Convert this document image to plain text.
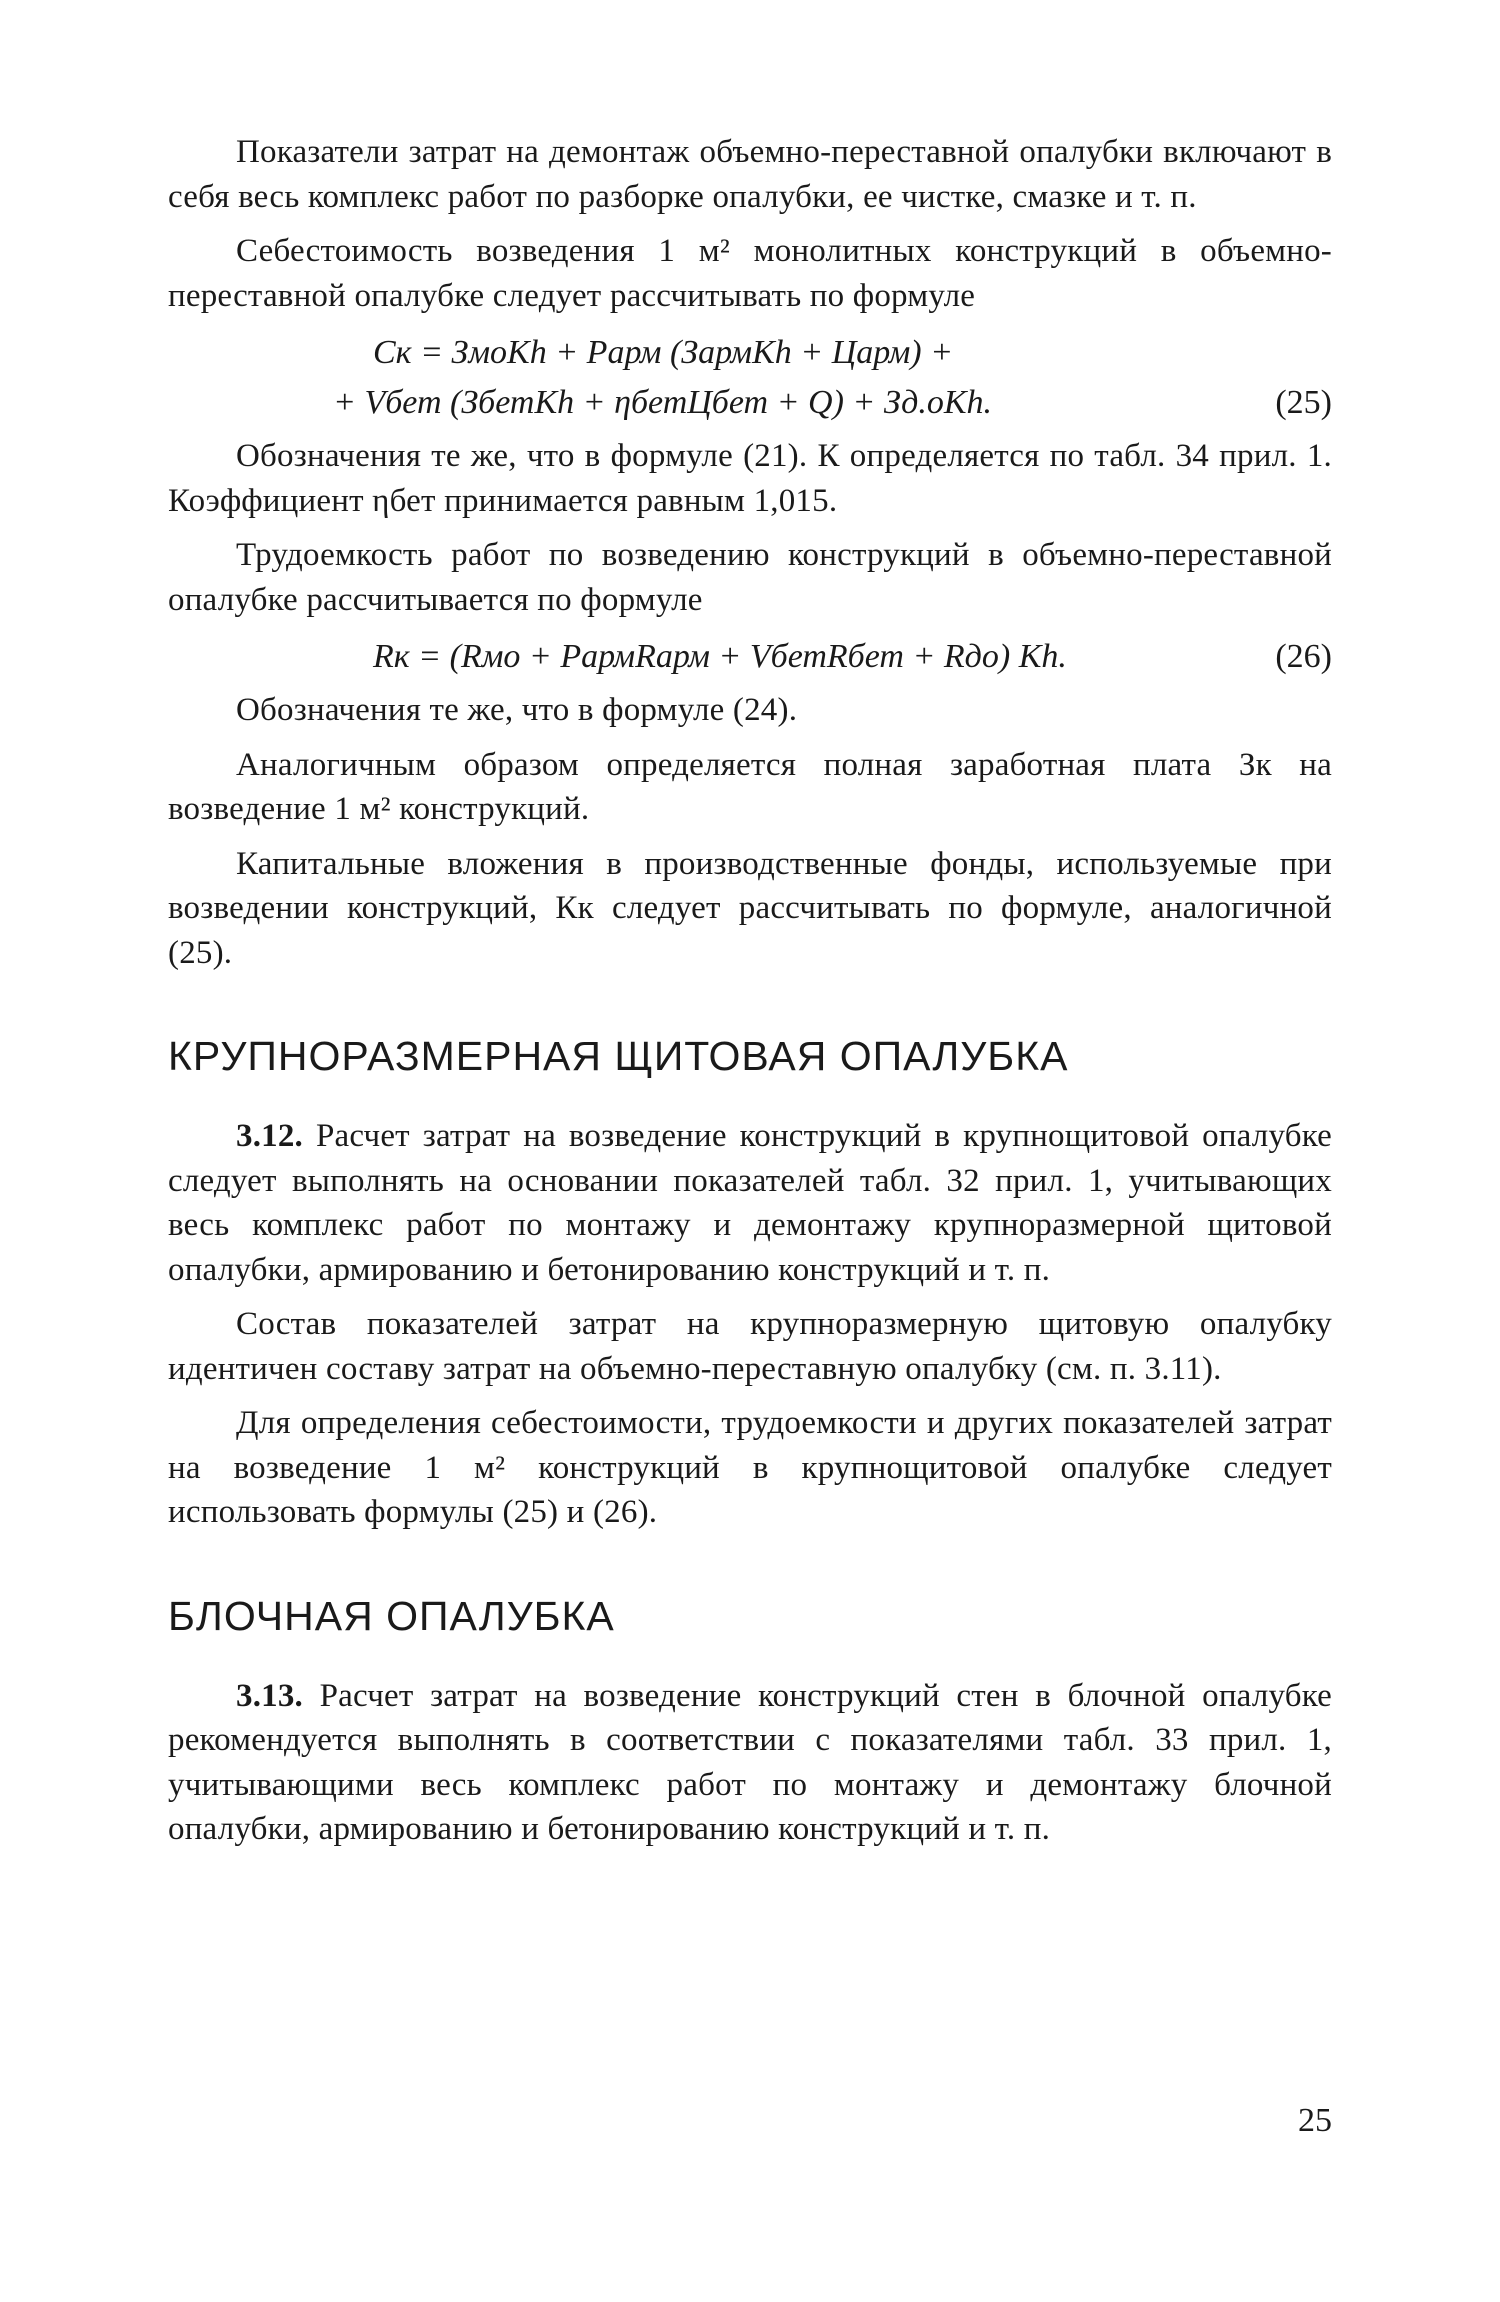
Показатели затрат на демонтаж объемно-переставной опалубки включают в себя весь комплекс работ по разборке опалубки, ее чистке, смазке и т. п.

Себестоимость возведения 1 м² монолитных конструкций в объемно-переставной опалубке следует рассчитывать по формуле

Cк = ЗмоKh + Pарм (ЗармKh + Царм) +
+ Vбет (ЗбетKh + ηбетЦбет + Q) + Зд.оKh.	(25)

Обозначения те же, что в формуле (21). К определяется по табл. 34 прил. 1. Коэффициент ηбет принимается равным 1,015.

Трудоемкость работ по возведению конструкций в объемно-переставной опалубке рассчитывается по формуле

Rк = (Rмо + PармRарм + VбетRбет + Rдо) Kh.	(26)

Обозначения те же, что в формуле (24).

Аналогичным образом определяется полная заработная плата Зк на возведение 1 м² конструкций.

Капитальные вложения в производственные фонды, используемые при возведении конструкций, Кк следует рассчитывать по формуле, аналогичной (25).

КРУПНОРАЗМЕРНАЯ ЩИТОВАЯ ОПАЛУБКА

3.12. Расчет затрат на возведение конструкций в крупнощитовой опалубке следует выполнять на основании показателей табл. 32 прил. 1, учитывающих весь комплекс работ по монтажу и демонтажу крупноразмерной щитовой опалубки, армированию и бетонированию конструкций и т. п.

Состав показателей затрат на крупноразмерную щитовую опалубку идентичен составу затрат на объемно-переставную опалубку (см. п. 3.11).

Для определения себестоимости, трудоемкости и других показателей затрат на возведение 1 м² конструкций в крупнощитовой опалубке следует использовать формулы (25) и (26).

БЛОЧНАЯ ОПАЛУБКА

3.13. Расчет затрат на возведение конструкций стен в блочной опалубке рекомендуется выполнять в соответствии с показателями табл. 33 прил. 1, учитывающими весь комплекс работ по монтажу и демонтажу блочной опалубки, армированию и бетонированию конструкций и т. п.

25
